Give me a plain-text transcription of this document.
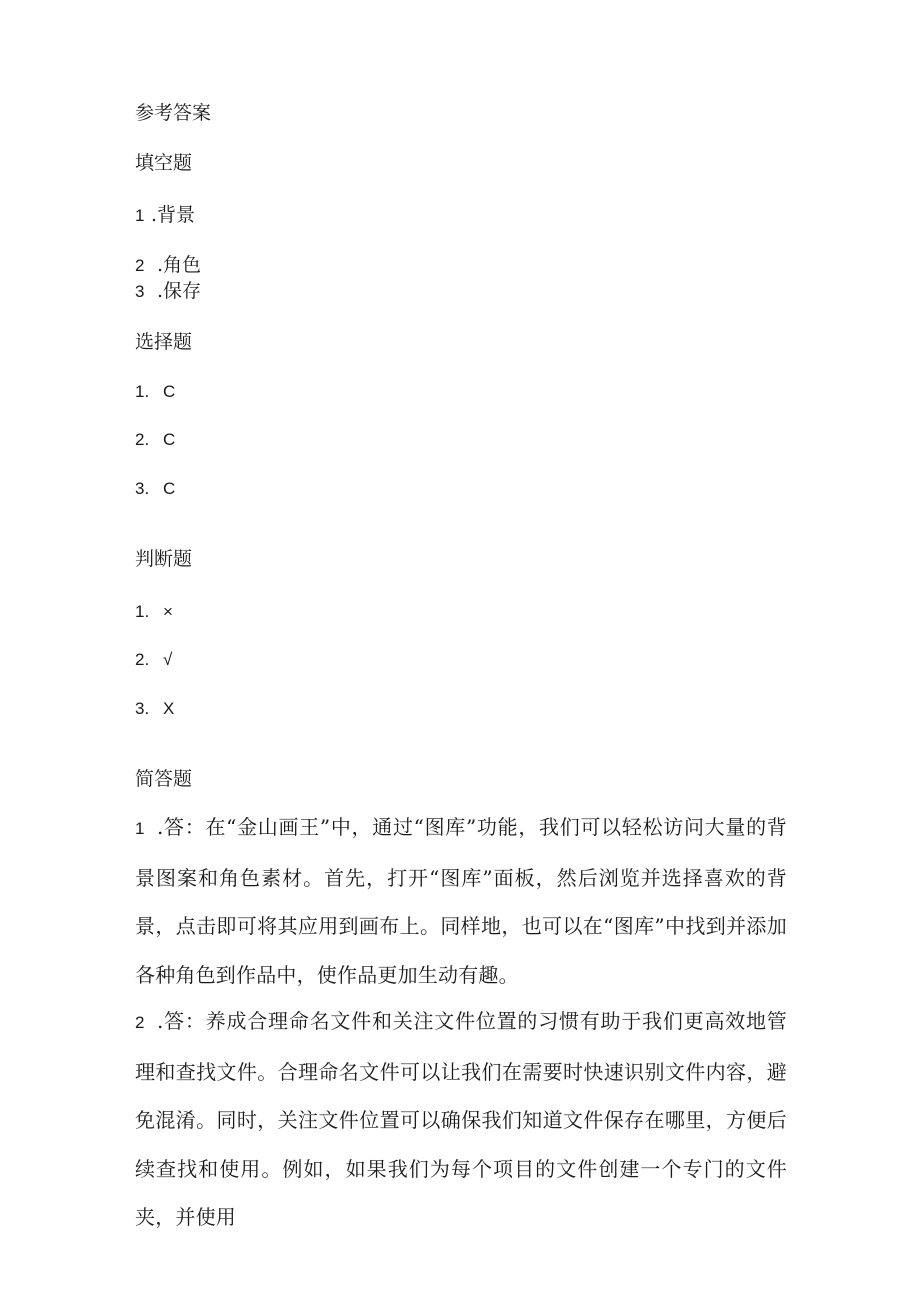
参考答案
填空题
1 .背景
2 .角色
3 .保存
选择题
1. C
2. C
3. C
判断题
1. ×
2. √
3. X
简答题
1 .答：在“金山画王”中，通过“图库”功能，我们可以轻松访问大量的背景图案和角色素材。首先，打开“图库”面板，然后浏览并选择喜欢的背景，点击即可将其应用到画布上。同样地，也可以在“图库”中找到并添加各种角色到作品中，使作品更加生动有趣。
2 .答：养成合理命名文件和关注文件位置的习惯有助于我们更高效地管理和查找文件。合理命名文件可以让我们在需要时快速识别文件内容，避免混淆。同时，关注文件位置可以确保我们知道文件保存在哪里，方便后续查找和使用。例如，如果我们为每个项目的文件创建一个专门的文件夹，并使用
